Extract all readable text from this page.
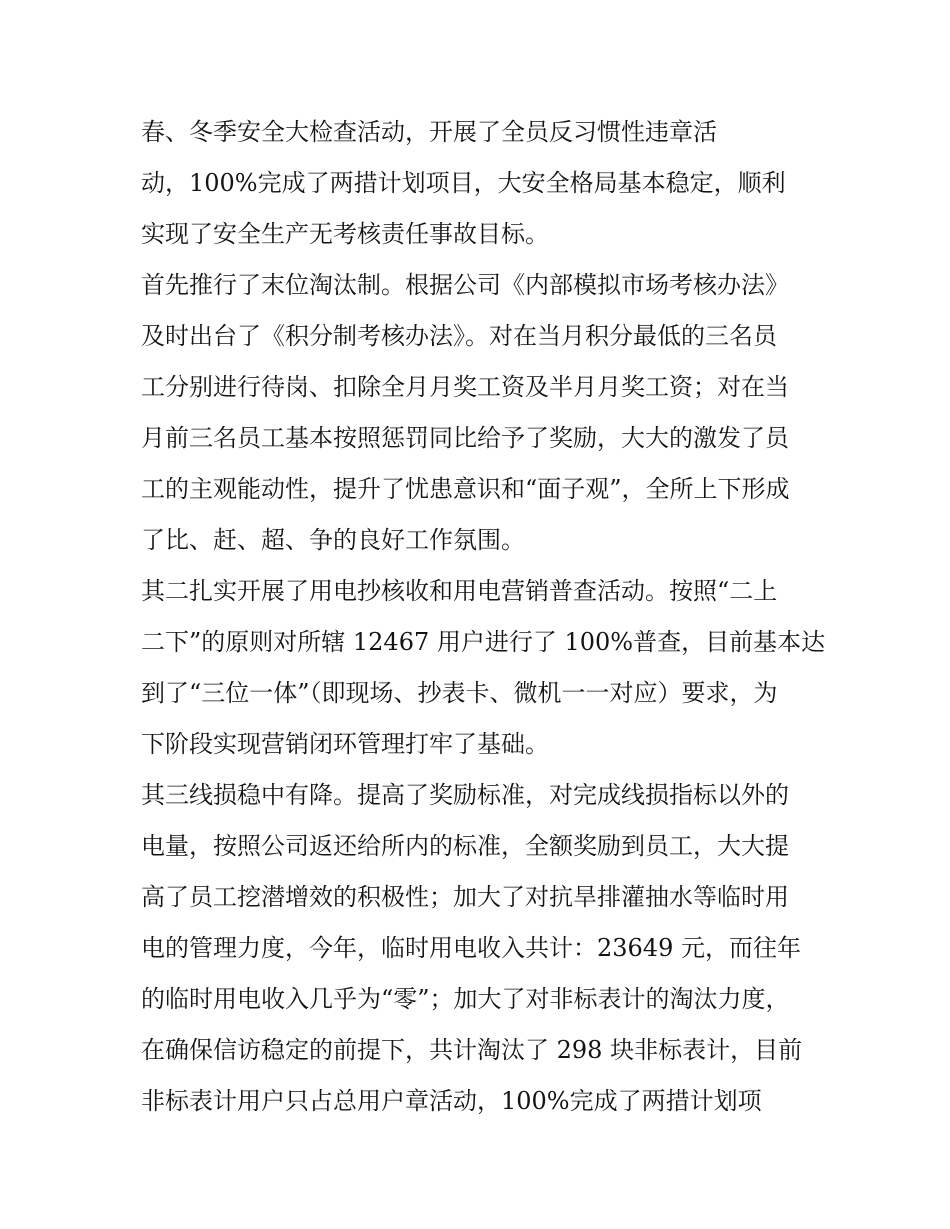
春、冬季安全大检查活动，开展了全员反习惯性违章活
动，100%完成了两措计划项目，大安全格局基本稳定，顺利
实现了安全生产无考核责任事故目标。
首先推行了末位淘汰制。根据公司《内部模拟市场考核办法》
及时出台了《积分制考核办法》。对在当月积分最低的三名员
工分别进行待岗、扣除全月月奖工资及半月月奖工资；对在当
月前三名员工基本按照惩罚同比给予了奖励，大大的激发了员
工的主观能动性，提升了忧患意识和“面子观”，全所上下形成
了比、赶、超、争的良好工作氛围。
其二扎实开展了用电抄核收和用电营销普查活动。按照“二上
二下”的原则对所辖 12467 用户进行了 100%普查，目前基本达
到了“三位一体”（即现场、抄表卡、微机一一对应）要求，为
下阶段实现营销闭环管理打牢了基础。
其三线损稳中有降。提高了奖励标准，对完成线损指标以外的
电量，按照公司返还给所内的标准，全额奖励到员工，大大提
高了员工挖潜增效的积极性；加大了对抗旱排灌抽水等临时用
电的管理力度，今年，临时用电收入共计：23649 元，而往年
的临时用电收入几乎为“零”；加大了对非标表计的淘汰力度，
在确保信访稳定的前提下，共计淘汰了 298 块非标表计，目前
非标表计用户只占总用户章活动，100%完成了两措计划项
